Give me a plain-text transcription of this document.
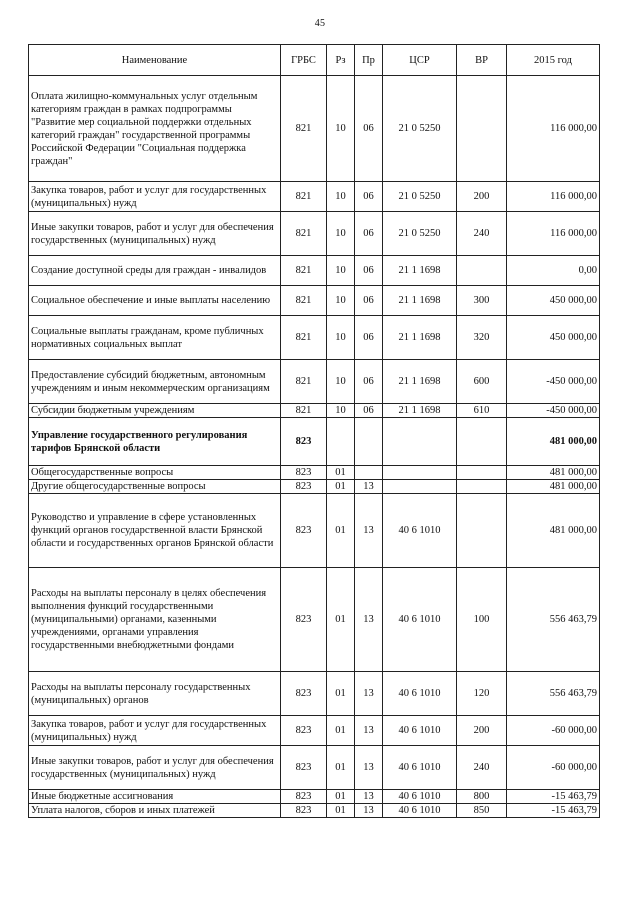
45
Наименование	ГРБС	Рз	Пр	ЦСР	ВР	2015 год
Оплата жилищно-коммунальных услуг отдельным категориям граждан в рамках подпрограммы "Развитие мер социальной поддержки отдельных категорий граждан" государственной программы Российской Федерации "Социальная поддержка граждан"	821	10	06	21 0 5250		116 000,00
Закупка товаров, работ и услуг для государственных (муниципальных) нужд	821	10	06	21 0 5250	200	116 000,00
Иные закупки товаров, работ и услуг для обеспечения государственных (муниципальных) нужд	821	10	06	21 0 5250	240	116 000,00
Создание доступной среды для граждан - инвалидов	821	10	06	21 1 1698		0,00
Социальное обеспечение и иные выплаты населению	821	10	06	21 1 1698	300	450 000,00
Социальные выплаты гражданам, кроме публичных нормативных социальных выплат	821	10	06	21 1 1698	320	450 000,00
Предоставление субсидий бюджетным, автономным учреждениям и иным некоммерческим организациям	821	10	06	21 1 1698	600	-450 000,00
Субсидии бюджетным учреждениям	821	10	06	21 1 1698	610	-450 000,00
Управление государственного регулирования тарифов Брянской области	823					481 000,00
Общегосударственные вопросы	823	01				481 000,00
Другие общегосударственные вопросы	823	01	13			481 000,00
Руководство и управление в сфере установленных функций органов государственной власти Брянской области и государственных органов Брянской области	823	01	13	40 6 1010		481 000,00
Расходы на выплаты персоналу в целях обеспечения выполнения функций государственными (муниципальными) органами, казенными учреждениями, органами управления государственными внебюджетными фондами	823	01	13	40 6 1010	100	556 463,79
Расходы на выплаты персоналу государственных (муниципальных) органов	823	01	13	40 6 1010	120	556 463,79
Закупка товаров, работ и услуг для государственных (муниципальных) нужд	823	01	13	40 6 1010	200	-60 000,00
Иные закупки товаров, работ и услуг для обеспечения государственных (муниципальных) нужд	823	01	13	40 6 1010	240	-60 000,00
Иные бюджетные ассигнования	823	01	13	40 6 1010	800	-15 463,79
Уплата налогов, сборов и иных платежей	823	01	13	40 6 1010	850	-15 463,79
